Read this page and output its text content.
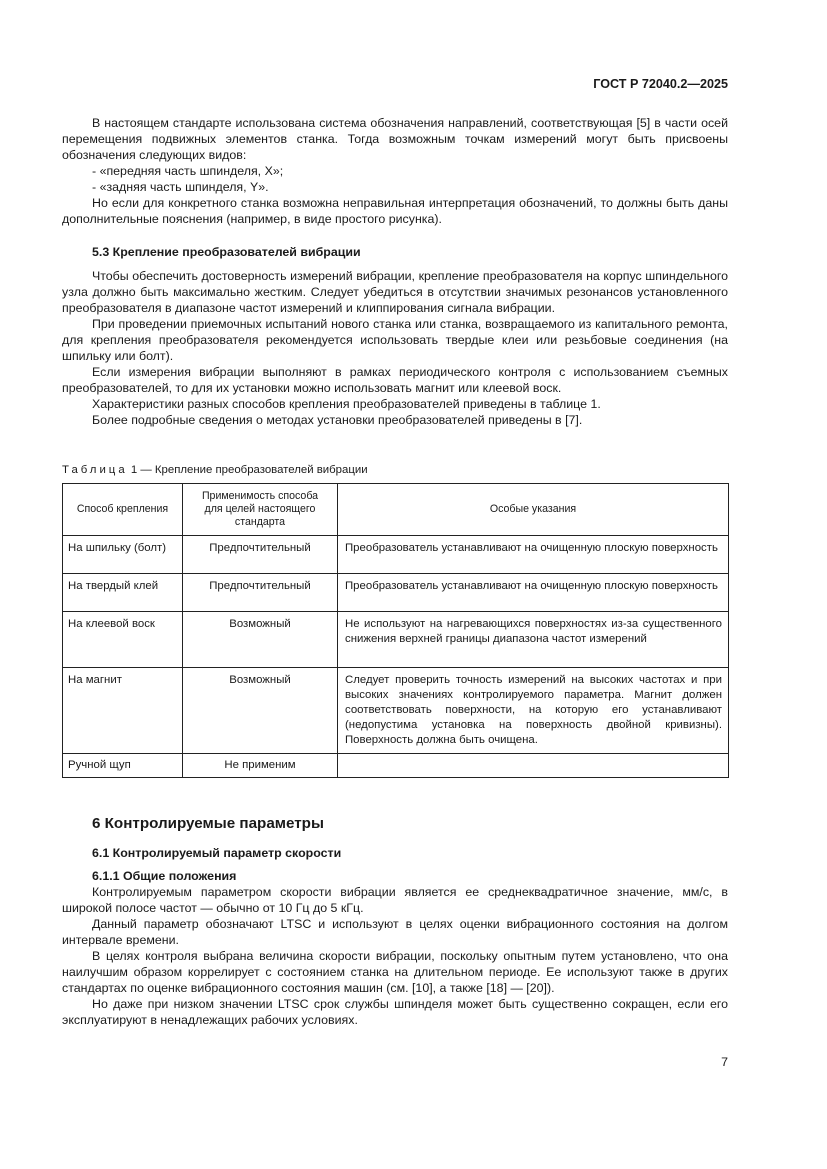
ГОСТ Р 72040.2—2025

В настоящем стандарте использована система обозначения направлений, соответствующая [5] в части осей перемещения подвижных элементов станка. Тогда возможным точкам измерений могут быть присвоены обозначения следующих видов:

- «передняя часть шпинделя, X»;

- «задняя часть шпинделя, Y».

Но если для конкретного станка возможна неправильная интерпретация обозначений, то должны быть даны дополнительные пояснения (например, в виде простого рисунка).

5.3 Крепление преобразователей вибрации

Чтобы обеспечить достоверность измерений вибрации, крепление преобразователя на корпус шпиндельного узла должно быть максимально жестким. Следует убедиться в отсутствии значимых резонансов установленного преобразователя в диапазоне частот измерений и клиппирования сигнала вибрации.

При проведении приемочных испытаний нового станка или станка, возвращаемого из капитального ремонта, для крепления преобразователя рекомендуется использовать твердые клеи или резьбовые соединения (на шпильку или болт).

Если измерения вибрации выполняют в рамках периодического контроля с использованием съемных преобразователей, то для их установки можно использовать магнит или клеевой воск.

Характеристики разных способов крепления преобразователей приведены в таблице 1.

Более подробные сведения о методах установки преобразователей приведены в [7].

Таблица 1 — Крепление преобразователей вибрации

Способ крепления	Применимость способа для целей настоящего стандарта	Особые указания
На шпильку (болт)	Предпочтительный	Преобразователь устанавливают на очищенную плоскую поверхность
На твердый клей	Предпочтительный	Преобразователь устанавливают на очищенную плоскую поверхность
На клеевой воск	Возможный	Не используют на нагревающихся поверхностях из-за существенного снижения верхней границы диапазона частот измерений
На магнит	Возможный	Следует проверить точность измерений на высоких частотах и при высоких значениях контролируемого параметра. Магнит должен соответствовать поверхности, на которую его устанавливают (недопустима установка на поверхность двойной кривизны). Поверхность должна быть очищена.
Ручной щуп	Не применим	

6 Контролируемые параметры

6.1 Контролируемый параметр скорости

6.1.1 Общие положения

Контролируемым параметром скорости вибрации является ее среднеквадратичное значение, мм/с, в широкой полосе частот — обычно от 10 Гц до 5 кГц.

Данный параметр обозначают LTSC и используют в целях оценки вибрационного состояния на долгом интервале времени.

В целях контроля выбрана величина скорости вибрации, поскольку опытным путем установлено, что она наилучшим образом коррелирует с состоянием станка на длительном периоде. Ее используют также в других стандартах по оценке вибрационного состояния машин (см. [10], а также [18] — [20]).

Но даже при низком значении LTSC срок службы шпинделя может быть существенно сокращен, если его эксплуатируют в ненадлежащих рабочих условиях.

7
